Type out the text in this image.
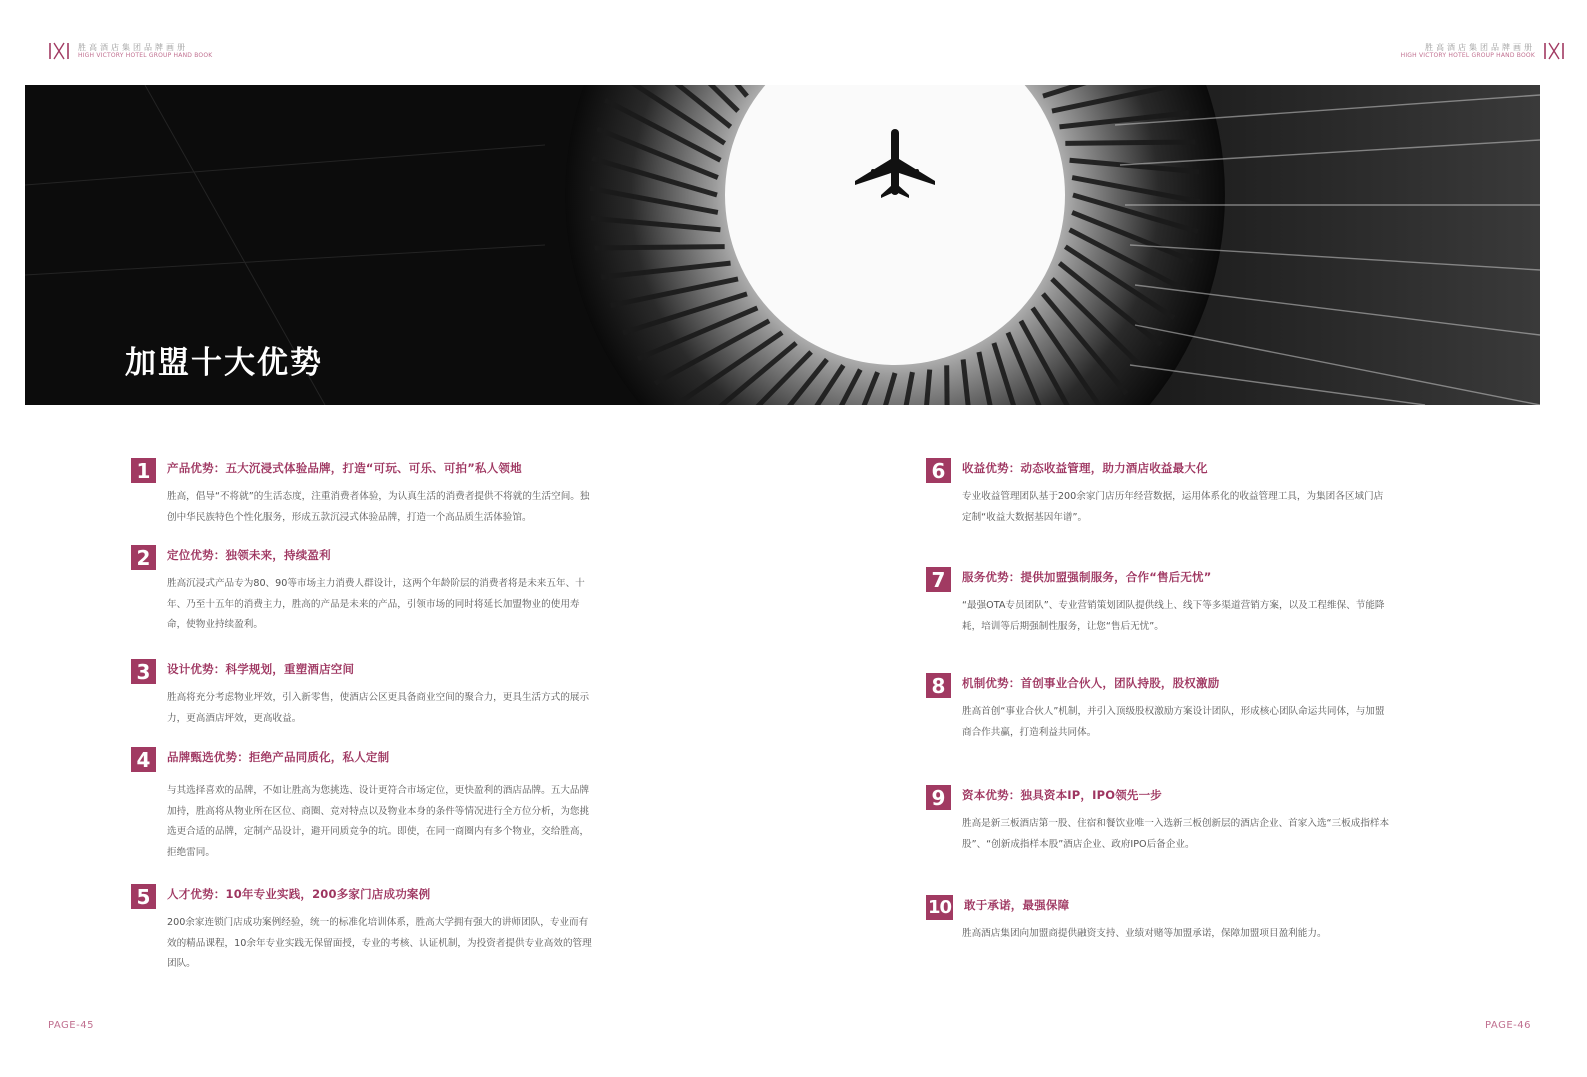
胜高酒店集团品牌画册
HIGH VICTORY HOTEL GROUP HAND BOOK
胜高酒店集团品牌画册
HIGH VICTORY HOTEL GROUP HAND BOOK
加盟十大优势
1	产品优势：五大沉浸式体验品牌，打造“可玩、可乐、可拍”私人领地
胜高，倡导“不将就”的生活态度，注重消费者体验，为认真生活的消费者提供不将就的生活空间。独创中华民族特色个性化服务，形成五款沉浸式体验品牌，打造一个高品质生活体验馆。
2	定位优势：独领未来，持续盈利
胜高沉浸式产品专为80、90等市场主力消费人群设计，这两个年龄阶层的消费者将是未来五年、十年、乃至十五年的消费主力，胜高的产品是未来的产品，引领市场的同时将延长加盟物业的使用寿命，使物业持续盈利。
3	设计优势：科学规划，重塑酒店空间
胜高将充分考虑物业坪效，引入新零售，使酒店公区更具备商业空间的聚合力，更具生活方式的展示力，更高酒店坪效，更高收益。
4	品牌甄选优势：拒绝产品同质化，私人定制
与其选择喜欢的品牌，不如让胜高为您挑选、设计更符合市场定位，更快盈利的酒店品牌。五大品牌加持，胜高将从物业所在区位、商圈、竞对特点以及物业本身的条件等情况进行全方位分析，为您挑选更合适的品牌，定制产品设计，避开同质竞争的坑。即使，在同一商圈内有多个物业，交给胜高，拒绝雷同。
5	人才优势：10年专业实践，200多家门店成功案例
200余家连锁门店成功案例经验，统一的标准化培训体系，胜高大学拥有强大的讲师团队，专业而有效的精品课程，10余年专业实践无保留面授，专业的考核、认证机制，为投资者提供专业高效的管理团队。
6	收益优势：动态收益管理，助力酒店收益最大化
专业收益管理团队基于200余家门店历年经营数据，运用体系化的收益管理工具，为集团各区域门店定制“收益大数据基因年谱”。
7	服务优势：提供加盟强制服务，合作“售后无忧”
“最强OTA专员团队”、专业营销策划团队提供线上、线下等多渠道营销方案，以及工程维保、节能降耗，培训等后期强制性服务，让您“售后无忧”。
8	机制优势：首创事业合伙人，团队持股，股权激励
胜高首创“事业合伙人”机制，并引入顶级股权激励方案设计团队，形成核心团队命运共同体，与加盟商合作共赢，打造利益共同体。
9	资本优势：独具资本IP，IPO领先一步
胜高是新三板酒店第一股、住宿和餐饮业唯一入选新三板创新层的酒店企业、首家入选“三板成指样本股”、“创新成指样本股”酒店企业、政府IPO后备企业。
10 敢于承诺，最强保障
胜高酒店集团向加盟商提供融资支持、业绩对赌等加盟承诺，保障加盟项目盈利能力。
PAGE-45	PAGE-46
